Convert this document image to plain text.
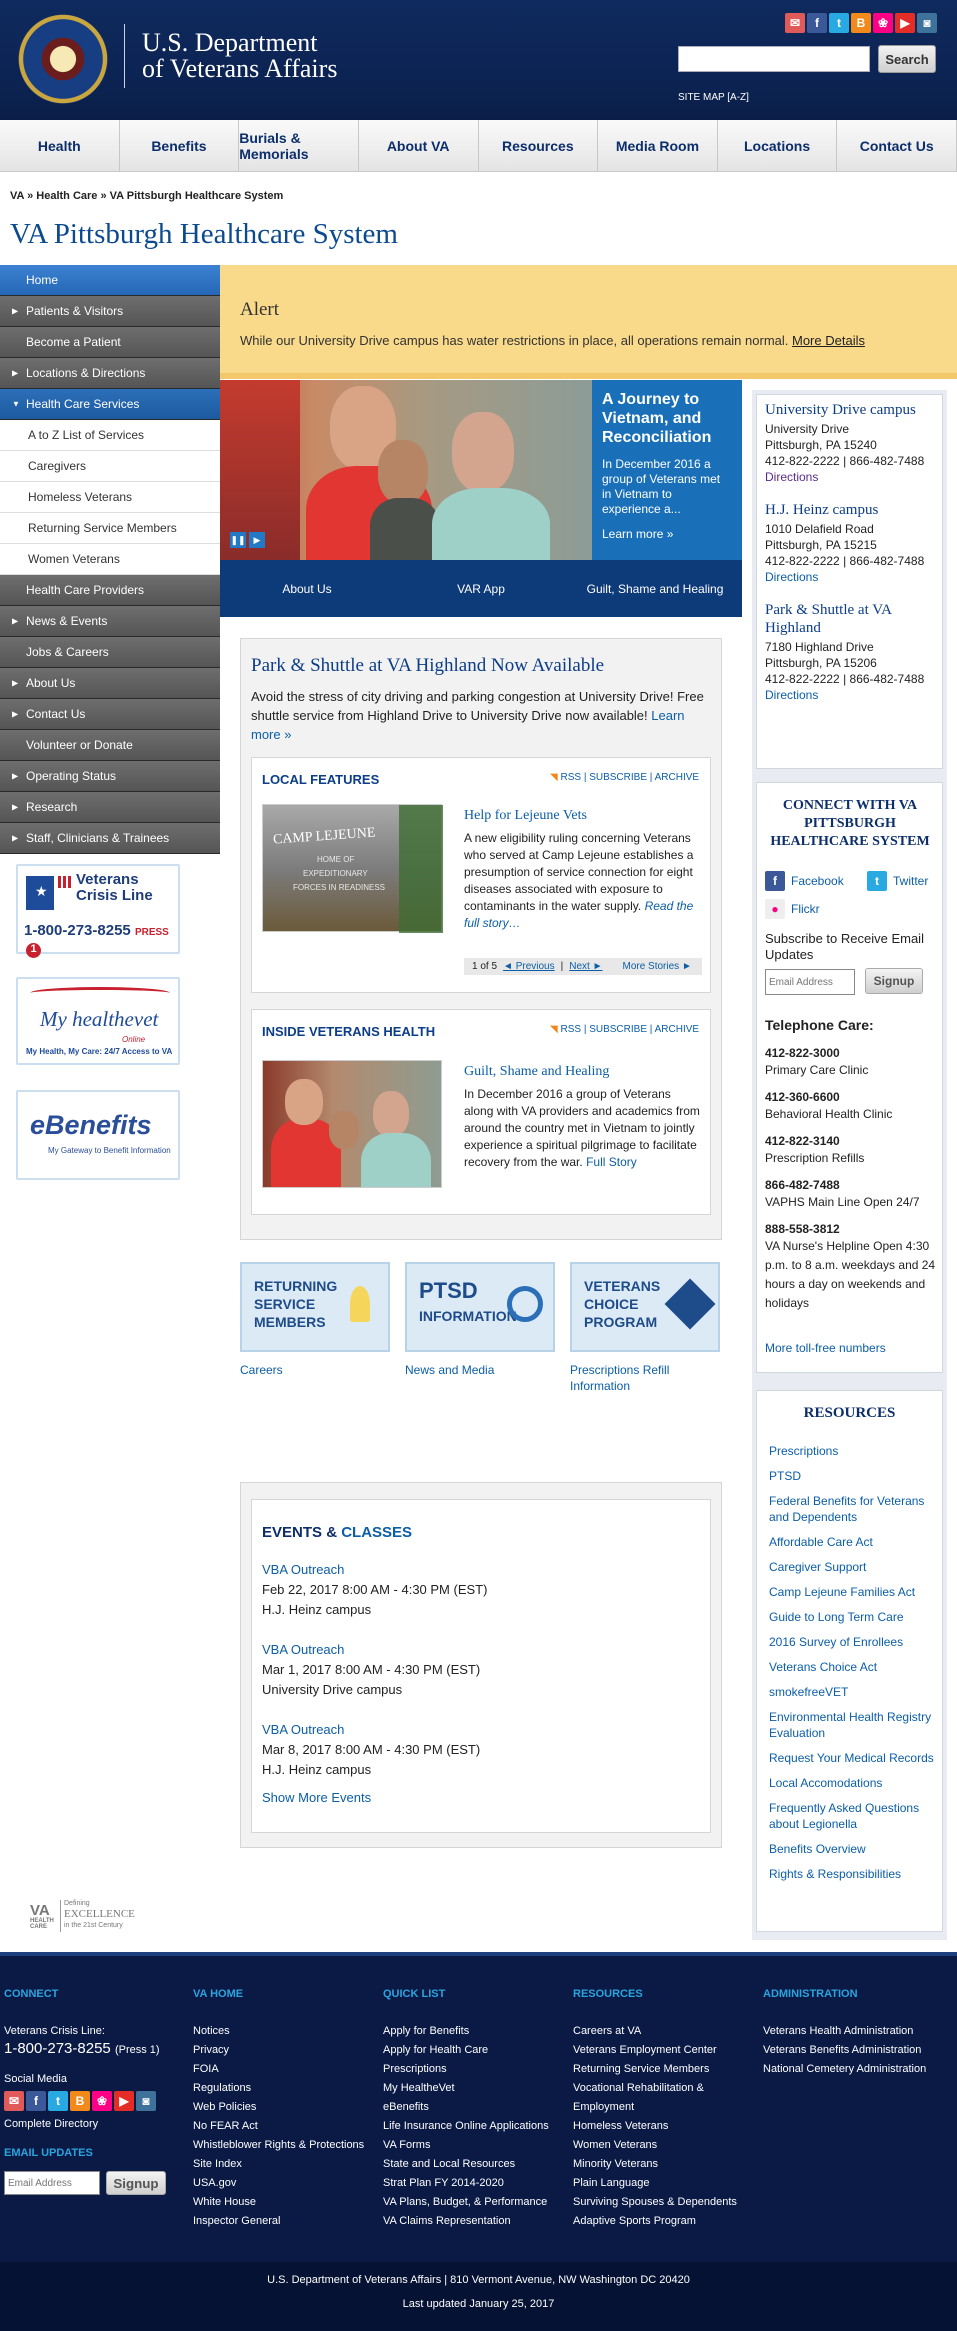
U.S. Department
of Veterans Affairs
✉	f	t	B	❀	▶	◙
Search
SITE MAP [A-Z]
Health	Benefits	Burials & Memorials	About VA	Resources	Media Room	Locations	Contact Us
VA » Health Care » VA Pittsburgh Healthcare System
VA Pittsburgh Healthcare System
Home
▶ Patients & Visitors
Become a Patient
▶ Locations & Directions
▼ Health Care Services
A to Z List of Services
Caregivers
Homeless Veterans
Returning Service Members
Women Veterans
Health Care Providers
▶ News & Events
Jobs & Careers
▶ About Us
▶ Contact Us
Volunteer or Donate
▶ Operating Status
▶ Research
▶ Staff, Clinicians & Trainees
★
Veterans
Crisis Line
1-800-273-8255 PRESS1
My healthevet
Online
My Health, My Care: 24/7 Access to VA
eBenefits
My Gateway to Benefit Information
VA
HEALTH CARE
Defining
EXCELLENCE
in the 21st Century
Alert
While our University Drive campus has water restrictions in place, all operations remain normal. More Details
❚❚ ▶
A Journey to Vietnam, and Reconciliation
In December 2016 a group of Veterans met in Vietnam to experience a...
Learn more »
About Us	VAR App	Guilt, Shame and Healing
Park & Shuttle at VA Highland Now Available
Avoid the stress of city driving and parking congestion at University Drive! Free shuttle service from Highland Drive to University Drive now available! Learn more »
LOCAL FEATURES	◥ RSS | SUBSCRIBE | ARCHIVE
CAMP LEJEUNE
HOME OF
EXPEDITIONARY
FORCES IN READINESS
Help for Lejeune Vets
A new eligibility ruling concerning Veterans who served at Camp Lejeune establishes a presumption of service connection for eight diseases associated with exposure to contaminants in the water supply. Read the full story…
1 of 5 ◄ Previous | Next ► More Stories ►
INSIDE VETERANS HEALTH	◥ RSS | SUBSCRIBE | ARCHIVE
Guilt, Shame and Healing
In December 2016 a group of Veterans along with VA providers and academics from around the country met in Vietnam to jointly experience a spiritual pilgrimage to facilitate recovery from the war. Full Story
RETURNING
SERVICE
MEMBERS
Careers
PTSD
INFORMATION
News and Media
VETERANS
CHOICE
PROGRAM
Prescriptions Refill Information
EVENTS & CLASSES
VBA Outreach
Feb 22, 2017 8:00 AM - 4:30 PM (EST)
H.J. Heinz campus
VBA Outreach
Mar 1, 2017 8:00 AM - 4:30 PM (EST)
University Drive campus
VBA Outreach
Mar 8, 2017 8:00 AM - 4:30 PM (EST)
H.J. Heinz campus
Show More Events
University Drive campus
University Drive
Pittsburgh, PA 15240
412-822-2222 | 866-482-7488
Directions
H.J. Heinz campus
1010 Delafield Road
Pittsburgh, PA 15215
412-822-2222 | 866-482-7488
Directions
Park & Shuttle at VA Highland
7180 Highland Drive
Pittsburgh, PA 15206
412-822-2222 | 866-482-7488
Directions
CONNECT WITH VA PITTSBURGH HEALTHCARE SYSTEM
f	Facebook	t	Twitter
●	Flickr
Subscribe to Receive Email Updates
Email Address
Signup
Telephone Care:
412-822-3000
Primary Care Clinic
412-360-6600
Behavioral Health Clinic
412-822-3140
Prescription Refills
866-482-7488
VAPHS Main Line Open 24/7
888-558-3812
VA Nurse's Helpline Open 4:30 p.m. to 8 a.m. weekdays and 24 hours a day on weekends and holidays
More toll-free numbers
RESOURCES
Prescriptions
PTSD
Federal Benefits for Veterans and Dependents
Affordable Care Act
Caregiver Support
Camp Lejeune Families Act
Guide to Long Term Care
2016 Survey of Enrollees
Veterans Choice Act
smokefreeVET
Environmental Health Registry Evaluation
Request Your Medical Records
Local Accomodations
Frequently Asked Questions about Legionella
Benefits Overview
Rights & Responsibilities
CONNECT
Veterans Crisis Line:
1-800-273-8255 (Press 1)
Social Media
✉	f	t	B	❀	▶	◙
Complete Directory
EMAIL UPDATES
Email Address
Signup
VA HOME
Notices
Privacy
FOIA
Regulations
Web Policies
No FEAR Act
Whistleblower Rights & Protections
Site Index
USA.gov
White House
Inspector General
QUICK LIST
Apply for Benefits
Apply for Health Care
Prescriptions
My HealtheVet
eBenefits
Life Insurance Online Applications
VA Forms
State and Local Resources
Strat Plan FY 2014-2020
VA Plans, Budget, & Performance
VA Claims Representation
RESOURCES
Careers at VA
Veterans Employment Center
Returning Service Members
Vocational Rehabilitation & Employment
Homeless Veterans
Women Veterans
Minority Veterans
Plain Language
Surviving Spouses & Dependents
Adaptive Sports Program
ADMINISTRATION
Veterans Health Administration
Veterans Benefits Administration
National Cemetery Administration
U.S. Department of Veterans Affairs | 810 Vermont Avenue, NW Washington DC 20420
Last updated January 25, 2017
